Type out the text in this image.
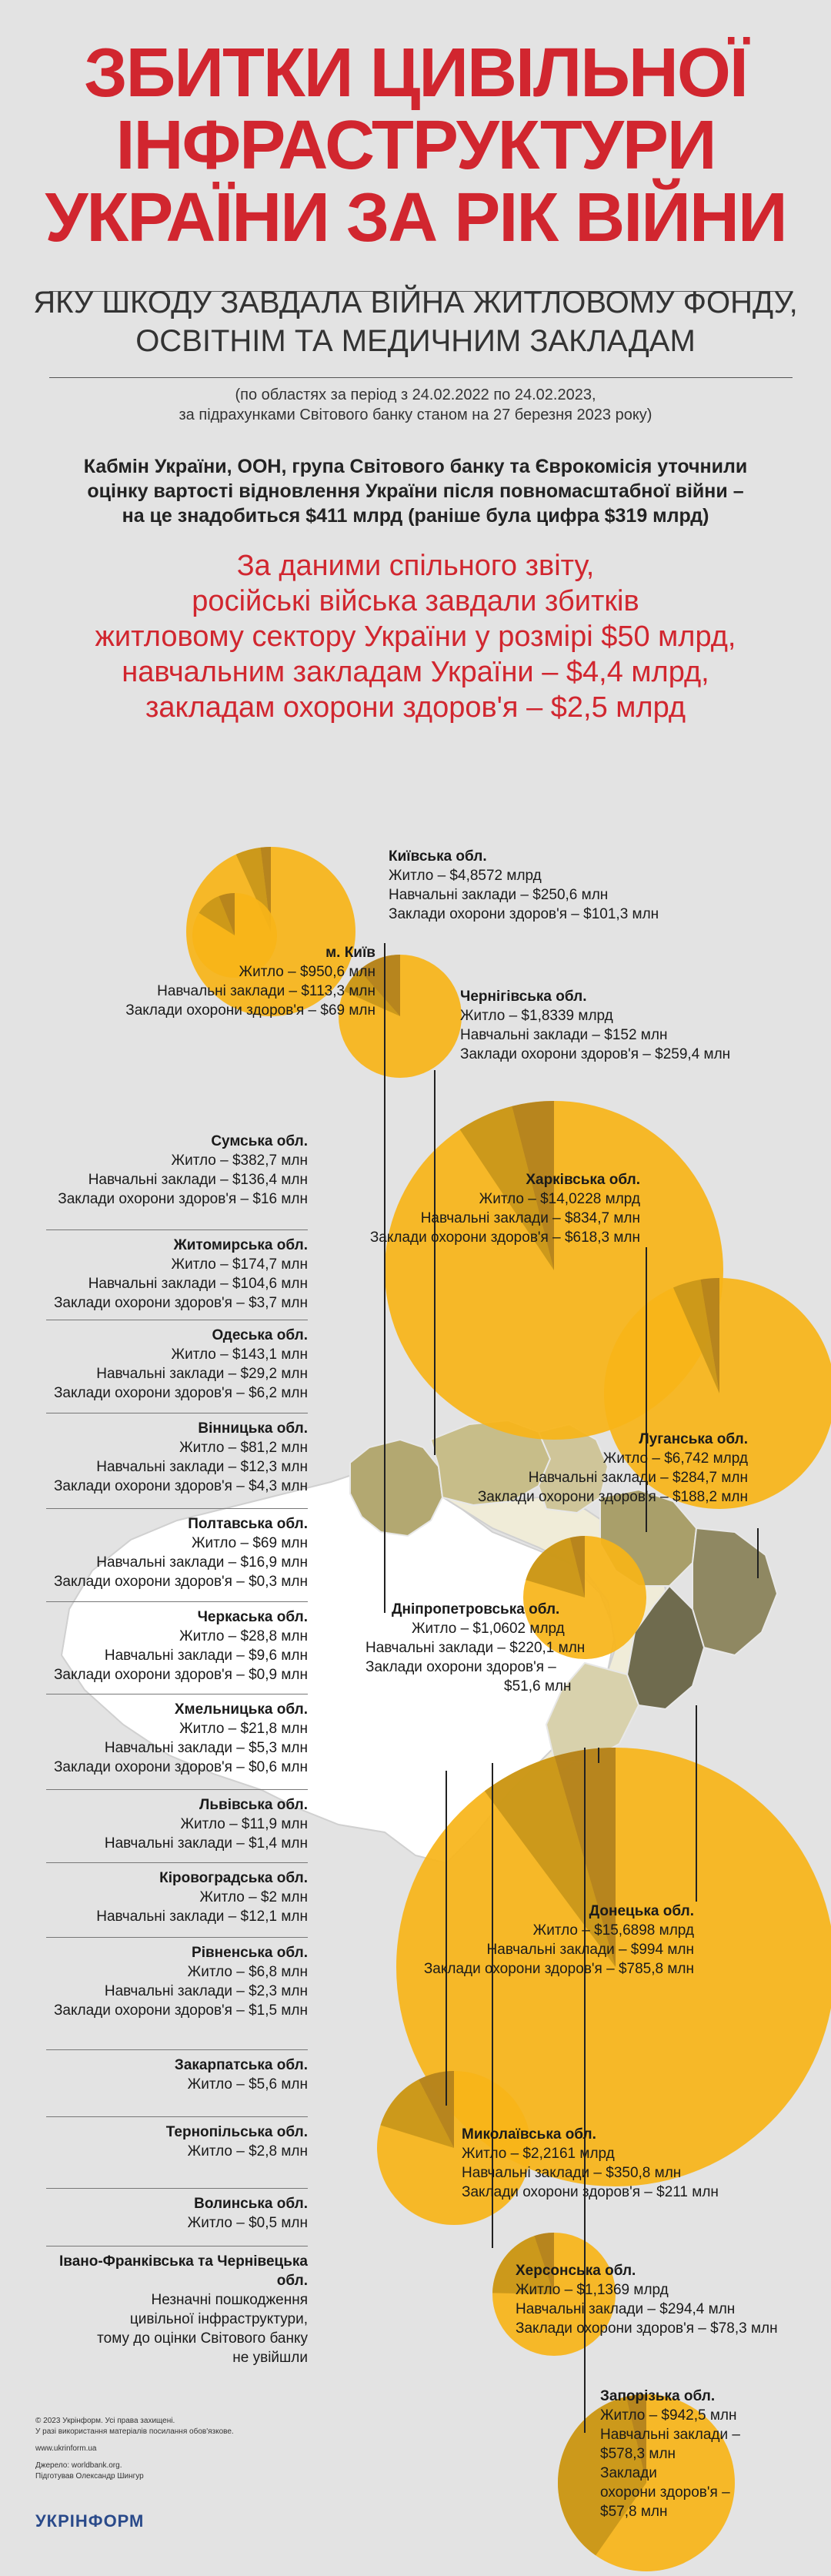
ЗБИТКИ ЦИВІЛЬНОЇ
ІНФРАСТРУКТУРИ
УКРАЇНИ ЗА РІК ВІЙНИ
ЯКУ ШКОДУ ЗАВДАЛА ВІЙНА ЖИТЛОВОМУ ФОНДУ,
ОСВІТНІМ ТА МЕДИЧНИМ ЗАКЛАДАМ
(по областях за період з 24.02.2022 по 24.02.2023,
за підрахунками Світового банку станом на 27 березня 2023 року)
Кабмін України, ООН, група Світового банку та Єврокомісія уточнили
оцінку вартості відновлення України після повномасштабної війни –
на це знадобиться $411 млрд (раніше була цифра $319 млрд)
За даними спільного звіту,
російські війська завдали збитків
житловому сектору України у розмірі $50 млрд,
навчальним закладам України – $4,4 млрд,
закладам охорони здоров'я – $2,5 млрд
Київська обл.
Житло – $4,8572 млрд
Навчальні заклади – $250,6 млн
Заклади охорони здоров'я – $101,3 млн
м. Київ
Житло – $950,6 млн
Навчальні заклади – $113,3 млн
Заклади охорони здоров'я – $69 млн
Чернігівська обл.
Житло – $1,8339 млрд
Навчальні заклади – $152 млн
Заклади охорони здоров'я – $259,4 млн
Харківська обл.
Житло – $14,0228 млрд
Навчальні заклади – $834,7 млн
Заклади охорони здоров'я – $618,3 млн
Луганська обл.
Житло – $6,742 млрд
Навчальні заклади – $284,7 млн
Заклади охорони здоров'я – $188,2 млн
Дніпропетровська обл.
Житло – $1,0602 млрд
Навчальні заклади – $220,1 млн
Заклади охорони здоров'я –
$51,6 млн
Донецька обл.
Житло – $15,6898 млрд
Навчальні заклади – $994 млн
Заклади охорони здоров'я – $785,8 млн
Миколаївська обл.
Житло – $2,2161 млрд
Навчальні заклади – $350,8 млн
Заклади охорони здоров'я – $211 млн
Херсонська обл.
Житло – $1,1369 млрд
Навчальні заклади – $294,4 млн
Заклади охорони здоров'я – $78,3 млн
Запорізька обл.
Житло – $942,5 млн
Навчальні заклади –
$578,3 млн
Заклади
охорони здоров'я –
$57,8 млн
Сумська обл.
Житло – $382,7 млн
Навчальні заклади – $136,4 млн
Заклади охорони здоров'я – $16 млн
Житомирська обл.
Житло – $174,7 млн
Навчальні заклади – $104,6 млн
Заклади охорони здоров'я – $3,7 млн
Одеська обл.
Житло – $143,1 млн
Навчальні заклади – $29,2 млн
Заклади охорони здоров'я – $6,2 млн
Вінницька обл.
Житло – $81,2 млн
Навчальні заклади – $12,3 млн
Заклади охорони здоров'я – $4,3 млн
Полтавська обл.
Житло – $69 млн
Навчальні заклади – $16,9 млн
Заклади охорони здоров'я – $0,3 млн
Черкаська обл.
Житло – $28,8 млн
Навчальні заклади – $9,6 млн
Заклади охорони здоров'я – $0,9 млн
Хмельницька обл.
Житло – $21,8 млн
Навчальні заклади – $5,3 млн
Заклади охорони здоров'я – $0,6 млн
Львівська обл.
Житло – $11,9 млн
Навчальні заклади – $1,4 млн
Кіровоградська обл.
Житло – $2 млн
Навчальні заклади – $12,1 млн
Рівненська обл.
Житло – $6,8 млн
Навчальні заклади – $2,3 млн
Заклади охорони здоров'я – $1,5 млн
Закарпатська обл.
Житло – $5,6 млн
Тернопільська обл.
Житло – $2,8 млн
Волинська обл.
Житло – $0,5 млн
Івано-Франківська та Чернівецька обл.
Незначні пошкодження
цивільної інфраструктури,
тому до оцінки Світового банку
не увійшли
© 2023 Укрінформ. Усі права захищені.
У разі використання матеріалів посилання обов'язкове.
www.ukrinform.ua
Джерело: worldbank.org.
Підготував Олександр Шингур
УКРІНФОРМ
